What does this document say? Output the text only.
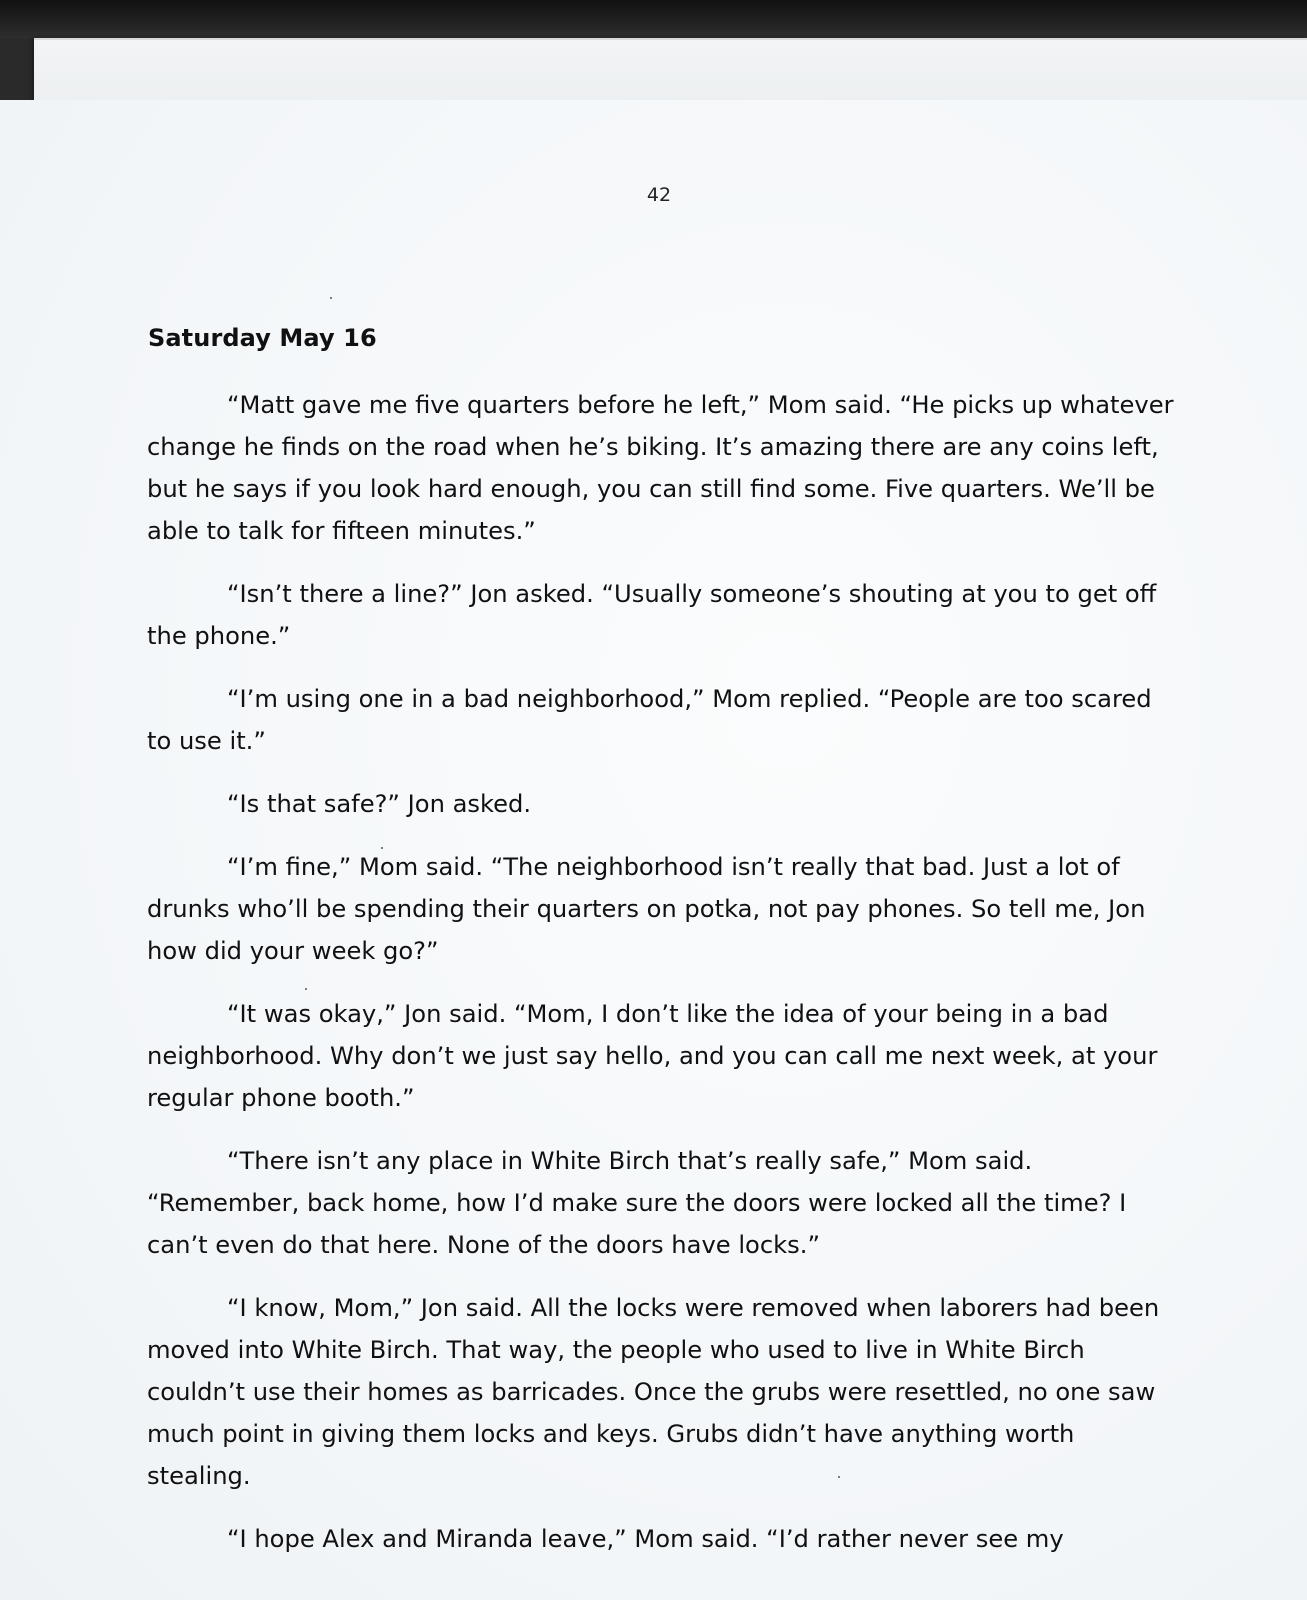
42
Saturday May 16

“Matt gave me five quarters before he left,” Mom said. “He picks up whatever change he finds on the road when he’s biking. It’s amazing there are any coins left, but he says if you look hard enough, you can still find some. Five quarters. We’ll be able to talk for fifteen minutes.”

“Isn’t there a line?” Jon asked. “Usually someone’s shouting at you to get off the phone.”

“I’m using one in a bad neighborhood,” Mom replied. “People are too scared to use it.”

“Is that safe?” Jon asked.

“I’m fine,” Mom said. “The neighborhood isn’t really that bad. Just a lot of drunks who’ll be spending their quarters on potka, not pay phones. So tell me, Jon how did your week go?”

“It was okay,” Jon said. “Mom, I don’t like the idea of your being in a bad neighborhood. Why don’t we just say hello, and you can call me next week, at your regular phone booth.”

“There isn’t any place in White Birch that’s really safe,” Mom said. “Remember, back home, how I’d make sure the doors were locked all the time? I can’t even do that here. None of the doors have locks.”

“I know, Mom,” Jon said. All the locks were removed when laborers had been moved into White Birch. That way, the people who used to live in White Birch couldn’t use their homes as barricades. Once the grubs were resettled, no one saw much point in giving them locks and keys. Grubs didn’t have anything worth stealing.

“I hope Alex and Miranda leave,” Mom said. “I’d rather never see my
